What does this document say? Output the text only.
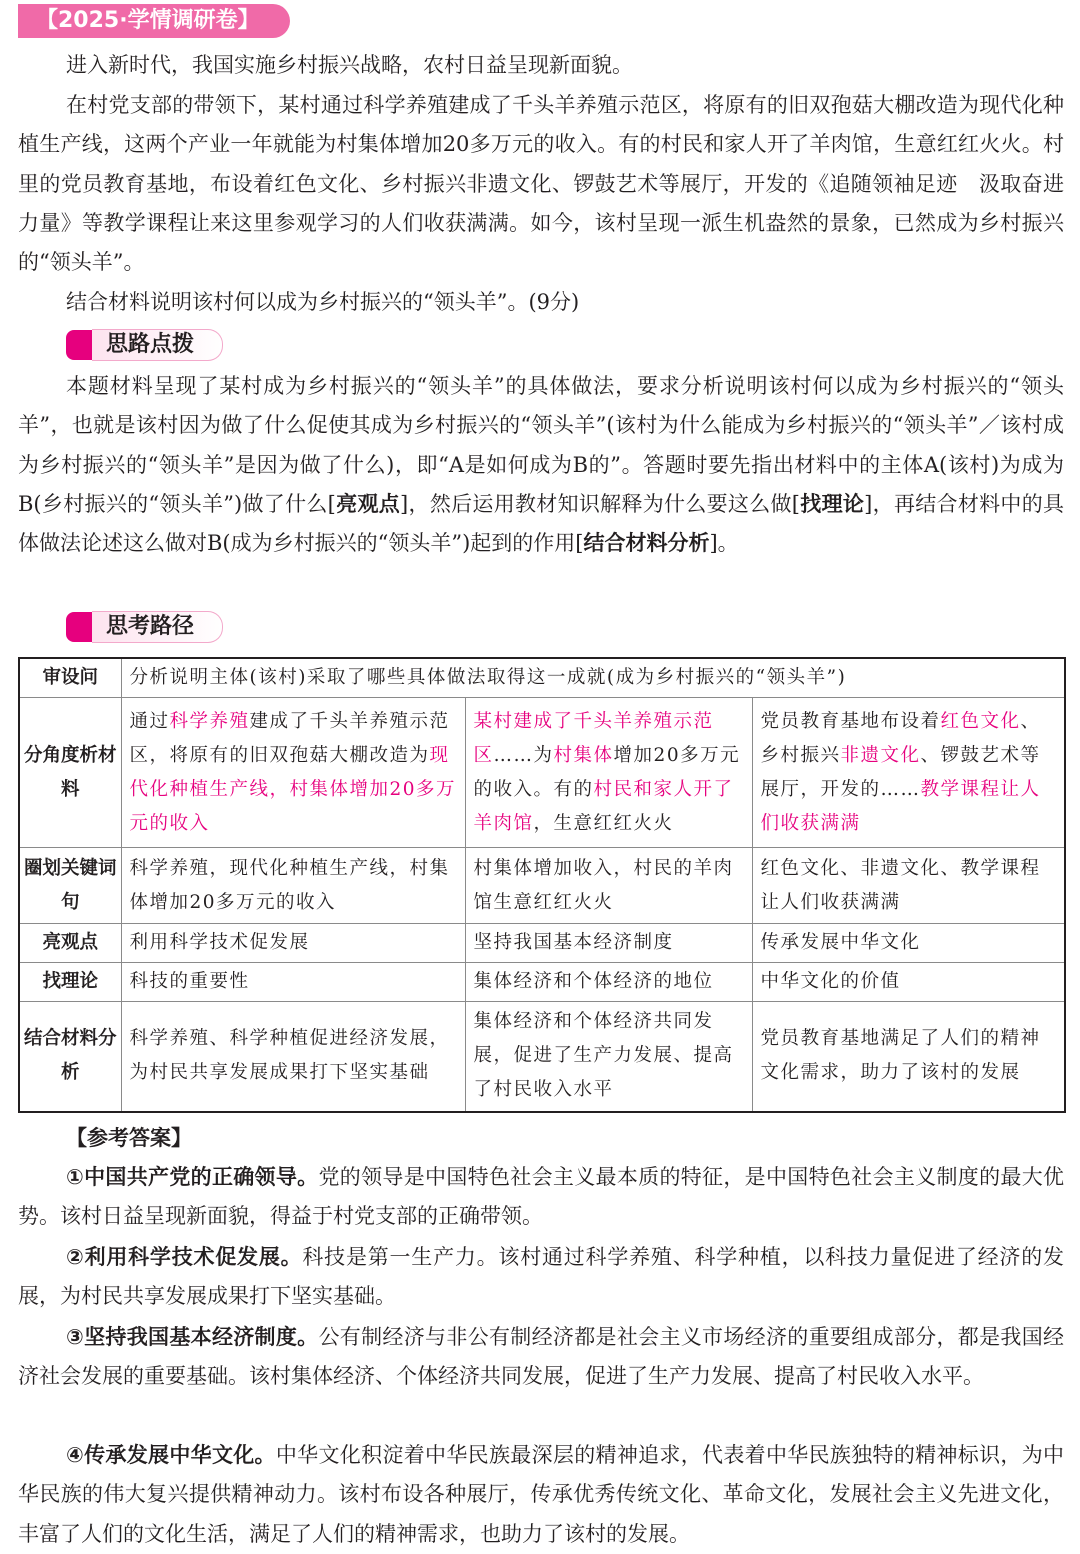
【2025·学情调研卷】

进入新时代，我国实施乡村振兴战略，农村日益呈现新面貌。

在村党支部的带领下，某村通过科学养殖建成了千头羊养殖示范区，将原有的旧双孢菇大棚改造为现代化种植生产线，这两个产业一年就能为村集体增加20多万元的收入。有的村民和家人开了羊肉馆，生意红红火火。村里的党员教育基地，布设着红色文化、乡村振兴非遗文化、锣鼓艺术等展厅，开发的《追随领袖足迹　汲取奋进力量》等教学课程让来这里参观学习的人们收获满满。如今，该村呈现一派生机盎然的景象，已然成为乡村振兴的“领头羊”。

结合材料说明该村何以成为乡村振兴的“领头羊”。(9分)

思路点拨

本题材料呈现了某村成为乡村振兴的“领头羊”的具体做法，要求分析说明该村何以成为乡村振兴的“领头羊”，也就是该村因为做了什么促使其成为乡村振兴的“领头羊”(该村为什么能成为乡村振兴的“领头羊”／该村成为乡村振兴的“领头羊”是因为做了什么)，即“A是如何成为B的”。答题时要先指出材料中的主体A(该村)为成为B(乡村振兴的“领头羊”)做了什么[亮观点]，然后运用教材知识解释为什么要这么做[找理论]，再结合材料中的具体做法论述这么做对B(成为乡村振兴的“领头羊”)起到的作用[结合材料分析]。

思考路径
审设问	分析说明主体(该村)采取了哪些具体做法取得这一成就(成为乡村振兴的“领头羊”)		
分角度析材料	通过科学养殖建成了千头羊养殖示范区，将原有的旧双孢菇大棚改造为现代化种植生产线，村集体增加20多万元的收入	某村建成了千头羊养殖示范区……为村集体增加20多万元的收入。有的村民和家人开了羊肉馆，生意红红火火	党员教育基地布设着红色文化、乡村振兴非遗文化、锣鼓艺术等展厅，开发的……教学课程让人们收获满满
圈划关键词句	科学养殖，现代化种植生产线，村集体增加20多万元的收入	村集体增加收入，村民的羊肉馆生意红红火火	红色文化、非遗文化、教学课程让人们收获满满
亮观点	利用科学技术促发展	坚持我国基本经济制度	传承发展中华文化
找理论	科技的重要性	集体经济和个体经济的地位	中华文化的价值
结合材料分析	科学养殖、科学种植促进经济发展，为村民共享发展成果打下坚实基础	集体经济和个体经济共同发展，促进了生产力发展、提高了村民收入水平	党员教育基地满足了人们的精神文化需求，助力了该村的发展
【参考答案】

①中国共产党的正确领导。党的领导是中国特色社会主义最本质的特征，是中国特色社会主义制度的最大优势。该村日益呈现新面貌，得益于村党支部的正确带领。

②利用科学技术促发展。科技是第一生产力。该村通过科学养殖、科学种植，以科技力量促进了经济的发展，为村民共享发展成果打下坚实基础。

③坚持我国基本经济制度。公有制经济与非公有制经济都是社会主义市场经济的重要组成部分，都是我国经济社会发展的重要基础。该村集体经济、个体经济共同发展，促进了生产力发展、提高了村民收入水平。

④传承发展中华文化。中华文化积淀着中华民族最深层的精神追求，代表着中华民族独特的精神标识，为中华民族的伟大复兴提供精神动力。该村布设各种展厅，传承优秀传统文化、革命文化，发展社会主义先进文化，丰富了人们的文化生活，满足了人们的精神需求，也助力了该村的发展。
